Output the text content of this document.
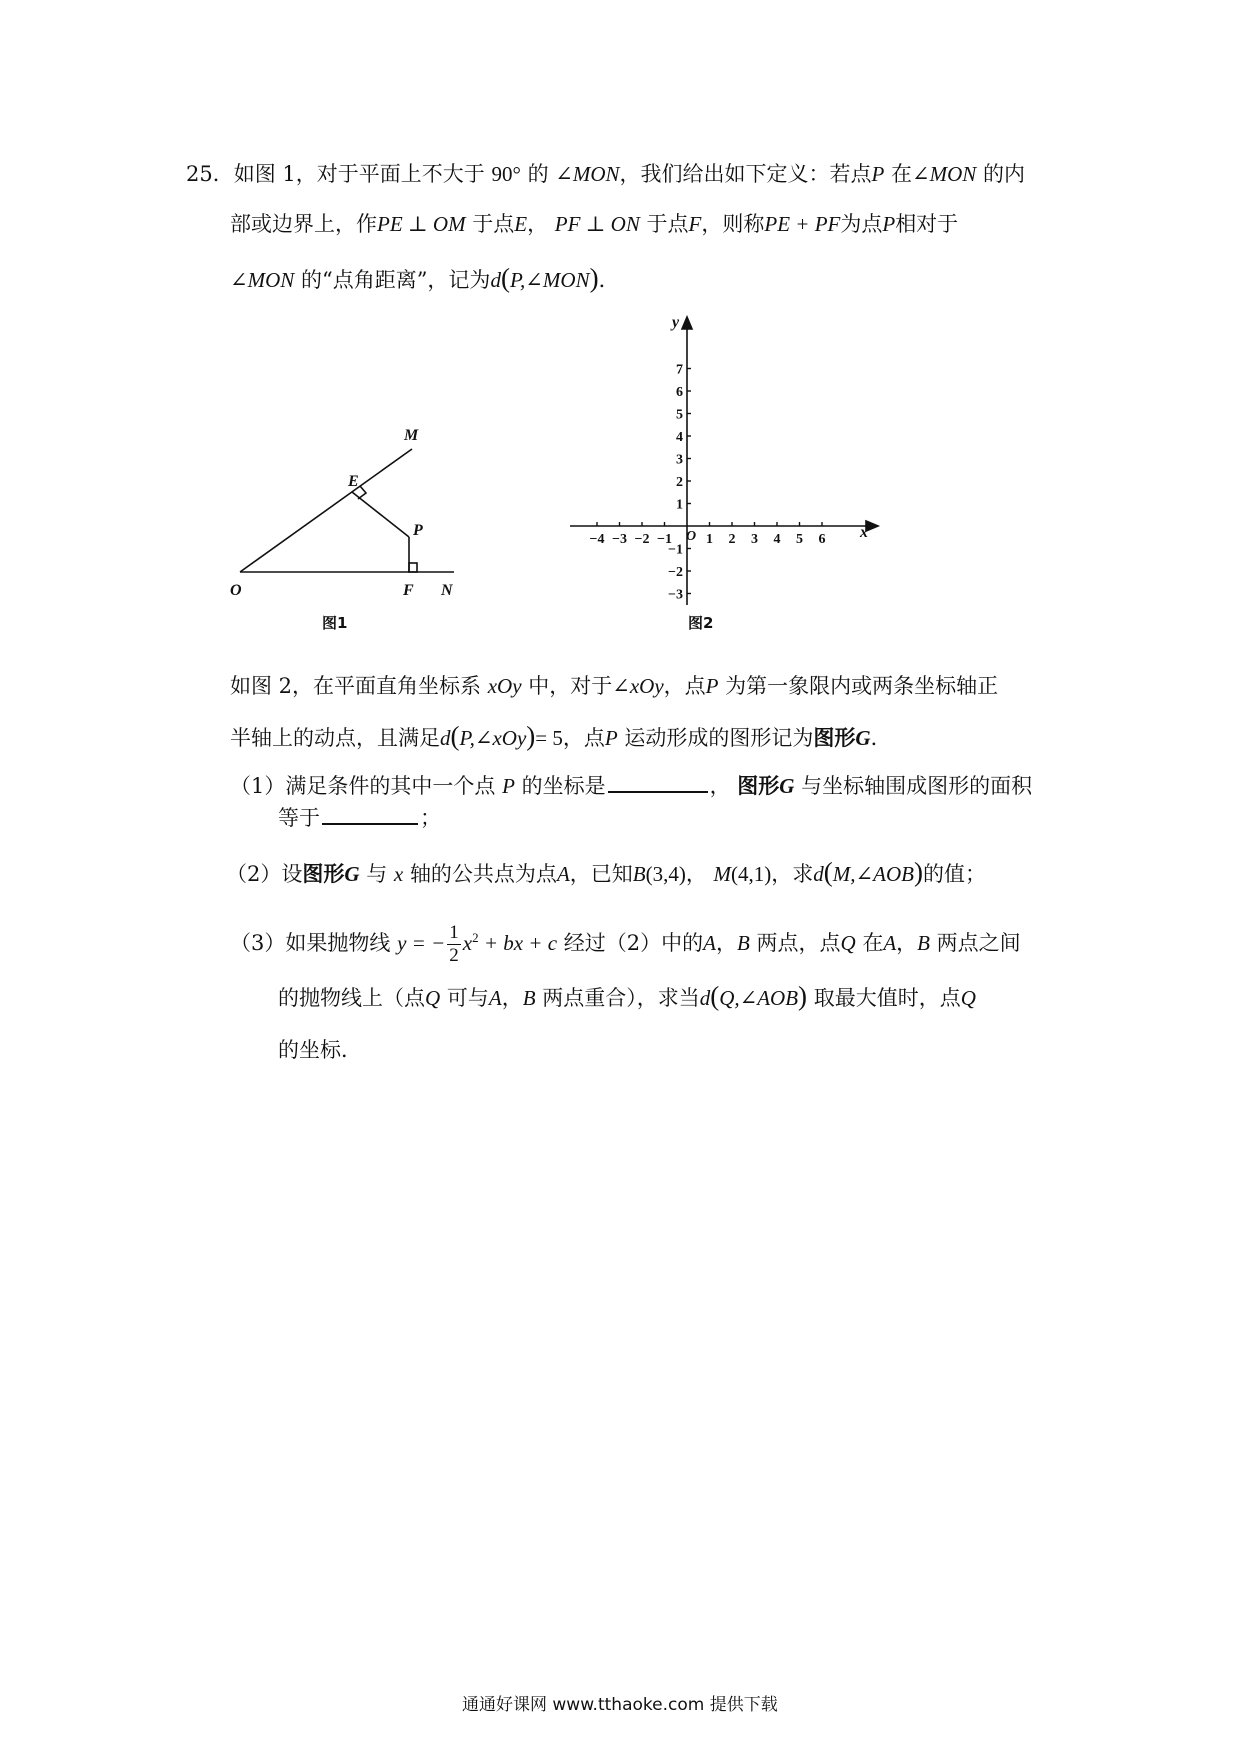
25．如图 1，对于平面上不大于 90° 的 ∠MON，我们给出如下定义：若点P 在∠MON 的内
部或边界上，作PE ⊥ OM 于点E， PF ⊥ ON 于点F，则称PE + PF为点P相对于
∠MON 的“点角距离”，记为d(P,∠MON)．
M
E
P
O	F N
图1
−4 −3 −2 −1 1 2 3 4 5 6
7
6
5
4
3
2
1
−1
−2
−3
x
y
O
图2
如图 2，在平面直角坐标系 xOy 中，对于∠xOy，点P 为第一象限内或两条坐标轴正
半轴上的动点，且满足d(P,∠xOy)= 5，点P 运动形成的图形记为图形G．
（1）满足条件的其中一个点 P 的坐标是	， 图形G 与坐标轴围成图形的面积
等于	；
（2）设图形G 与 x 轴的公共点为点A，已知B(3,4)， M(4,1)，求d(M,∠AOB)的值；
（3）如果抛物线 y = − $\frac{1}{2} x^2$ + bx + c 经过（2）中的A，B 两点，点Q 在A，B 两点之间
的抛物线上（点Q 可与A，B 两点重合），求当d(Q,∠AOB) 取最大值时，点Q
的坐标．
通通好课网 www.tthaoke.com 提供下载
